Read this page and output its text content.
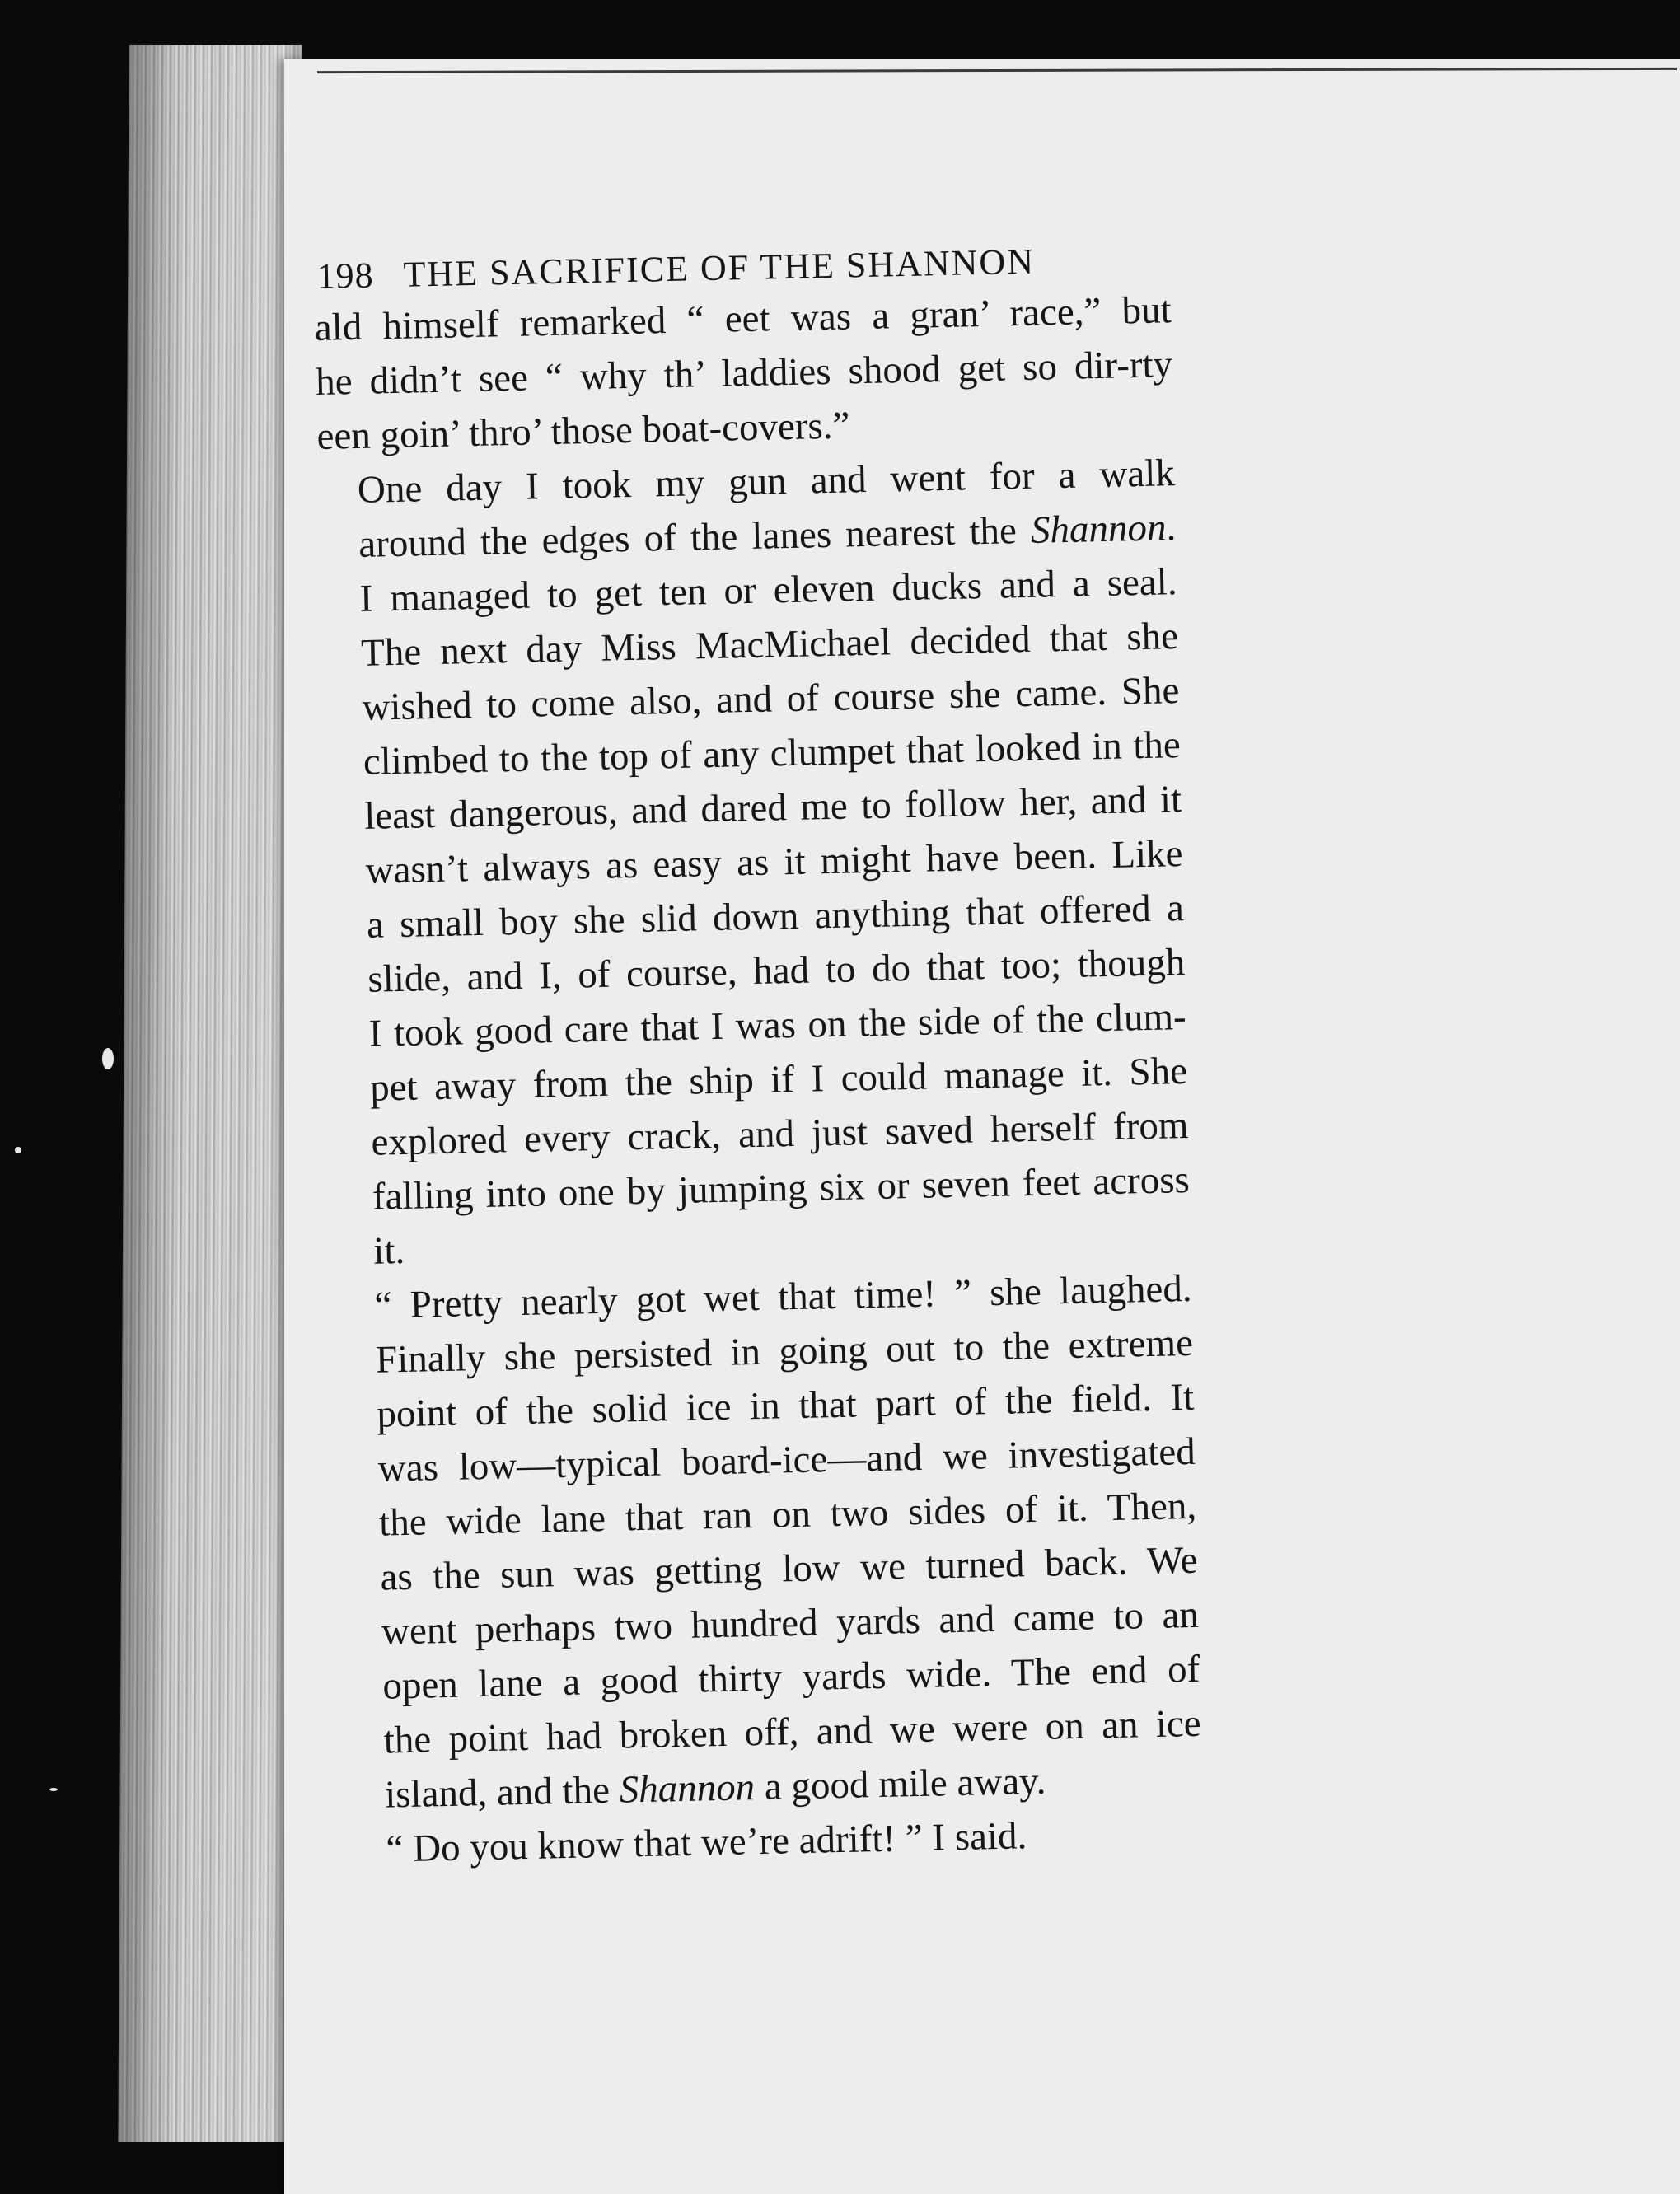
198 THE SACRIFICE OF THE SHANNON

ald himself remarked “ eet was a gran’ race,” but
he didn’t see “ why th’ laddies shood get so dir-rty
een goin’ thro’ those boat-covers.”

One day I took my gun and went for a walk
around the edges of the lanes nearest the Shannon.
I managed to get ten or eleven ducks and a seal.
The next day Miss MacMichael decided that she
wished to come also, and of course she came. She
climbed to the top of any clumpet that looked in the
least dangerous, and dared me to follow her, and it
wasn’t always as easy as it might have been. Like
a small boy she slid down anything that offered a
slide, and I, of course, had to do that too; though
I took good care that I was on the side of the clum-
pet away from the ship if I could manage it. She
explored every crack, and just saved herself from
falling into one by jumping six or seven feet across
it.

“ Pretty nearly got wet that time! ” she laughed.
Finally she persisted in going out to the extreme
point of the solid ice in that part of the field. It
was low—typical board-ice—and we investigated
the wide lane that ran on two sides of it. Then,
as the sun was getting low we turned back. We
went perhaps two hundred yards and came to an
open lane a good thirty yards wide. The end of
the point had broken off, and we were on an ice
island, and the Shannon a good mile away.

“ Do you know that we’re adrift! ” I said.
